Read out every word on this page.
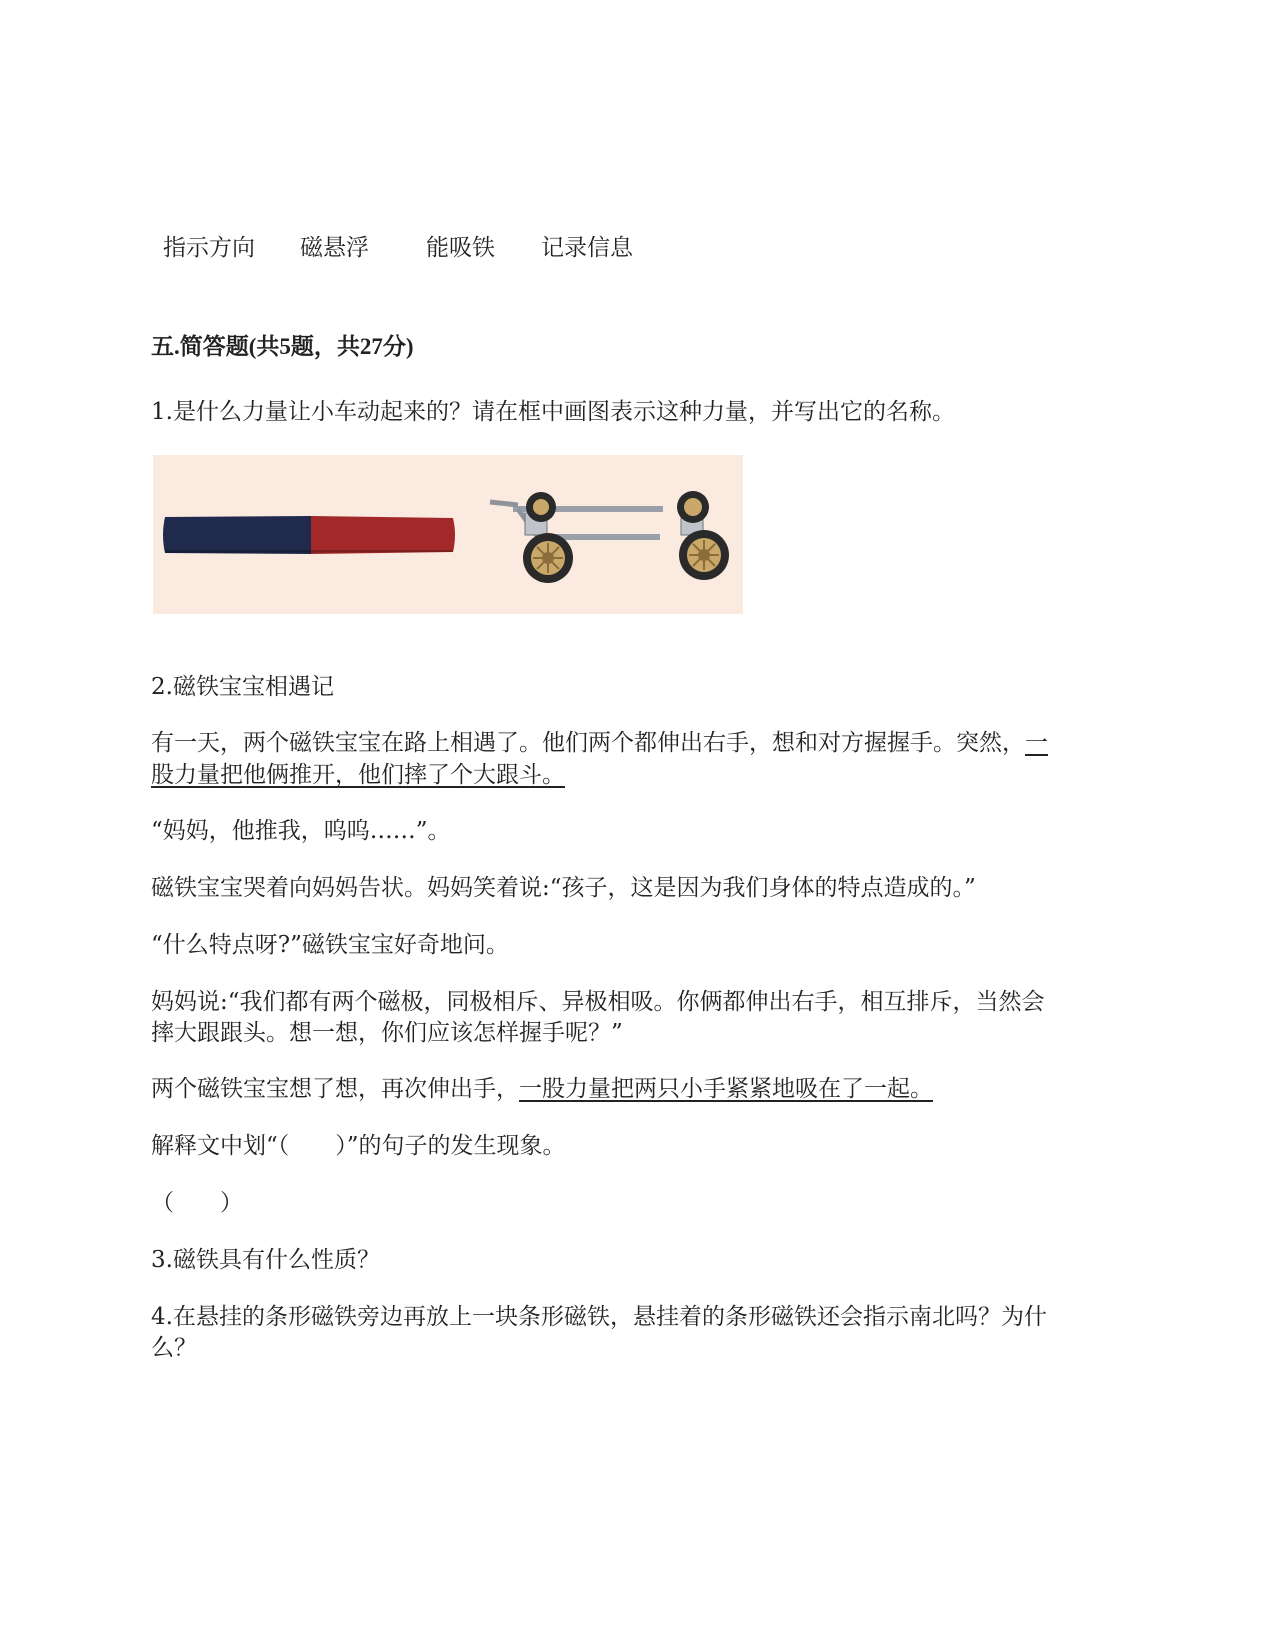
指示方向 磁悬浮 能吸铁 记录信息
五.简答题(共5题，共27分)
1.是什么力量让小车动起来的？请在框中画图表示这种力量，并写出它的名称。
2.磁铁宝宝相遇记
有一天，两个磁铁宝宝在路上相遇了。他们两个都伸出右手，想和对方握握手。突然，一
股力量把他俩推开，他们摔了个大跟斗。
“妈妈，他推我，呜呜……”。
磁铁宝宝哭着向妈妈告状。妈妈笑着说:“孩子，这是因为我们身体的特点造成的。”
“什么特点呀?”磁铁宝宝好奇地问。
妈妈说:“我们都有两个磁极，同极相斥、异极相吸。你俩都伸出右手，相互排斥，当然会
摔大跟跟头。想一想，你们应该怎样握手呢？”
两个磁铁宝宝想了想，再次伸出手，一股力量把两只小手紧紧地吸在了一起。
解释文中划“（　　）”的句子的发生现象。
（　　）
3.磁铁具有什么性质？
4.在悬挂的条形磁铁旁边再放上一块条形磁铁，悬挂着的条形磁铁还会指示南北吗？为什
么？
